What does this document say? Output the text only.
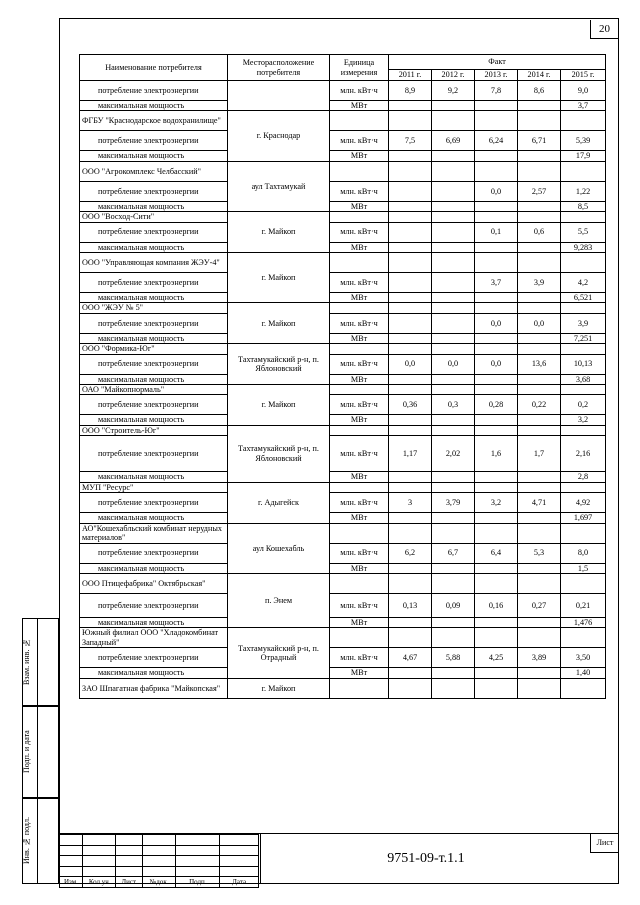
20
Наименование потребителя	Месторасположение потребителя	Единица измерения	Факт				
			2011 г.	2012 г.	2013 г.	2014 г.	2015 г.
потребление электроэнергии		млн. кВт·ч	8,9	9,2	7,8	8,6	9,0
максимальная мощность		МВт					3,7
ФГБУ "Краснодарское водохранилище"	г. Краснодар						
потребление электроэнергии		млн. кВт·ч	7,5	6,69	6,24	6,71	5,39
максимальная мощность		МВт					17,9
ООО "Агрокомплекс Челбасский"	аул Тахтамукай						
потребление электроэнергии		млн. кВт·ч			0,0	2,57	1,22
максимальная мощность		МВт					8,5
ООО "Восход-Сити"	г. Майкоп						
потребление электроэнергии		млн. кВт·ч			0,1	0,6	5,5
максимальная мощность		МВт					9,283
ООО "Управляющая компания ЖЭУ-4"	г. Майкоп						
потребление электроэнергии		млн. кВт·ч			3,7	3,9	4,2
максимальная мощность		МВт					6,521
ООО "ЖЭУ № 5"	г. Майкоп						
потребление электроэнергии		млн. кВт·ч			0,0	0,0	3,9
максимальная мощность		МВт					7,251
ООО "Формика-Юг"	Тахтамукайский р-н, п. Яблоновский						
потребление электроэнергии		млн. кВт·ч	0,0	0,0	0,0	13,6	10,13
максимальная мощность		МВт					3,68
ОАО "Майкопнормаль"	г. Майкоп						
потребление электроэнергии		млн. кВт·ч	0,36	0,3	0,28	0,22	0,2
максимальная мощность		МВт					3,2
ООО "Строитель-Юг"	Тахтамукайский р-н, п. Яблоновский						
потребление электроэнергии		млн. кВт·ч	1,17	2,02	1,6	1,7	2,16
максимальная мощность		МВт					2,8
МУП "Ресурс"	г. Адыгейск						
потребление электроэнергии		млн. кВт·ч	3	3,79	3,2	4,71	4,92
максимальная мощность		МВт					1,697
АО"Кошехабльский комбинат нерудных материалов"	аул Кошехабль						
потребление электроэнергии		млн. кВт·ч	6,2	6,7	6,4	5,3	8,0
максимальная мощность		МВт					1,5
ООО Птицефабрика" Октябрьская"	п. Энем						
потребление электроэнергии		млн. кВт·ч	0,13	0,09	0,16	0,27	0,21
максимальная мощность		МВт					1,476
Южный филиал ООО "Хладокомбинат Западный"	Тахтамукайский р-н, п. Отрадный						
потребление электроэнергии		млн. кВт·ч	4,67	5,88	4,25	3,89	3,50
максимальная мощность		МВт					1,40
ЗАО Шпагатная фабрика "Майкопская"	г. Майкоп						
Взам. инв. №
Подп. и дата
Инв. № подл.

Изм.	Кол.уч	Лист	№док.	Подп.	Дата
9751-09-т.1.1
Лист
